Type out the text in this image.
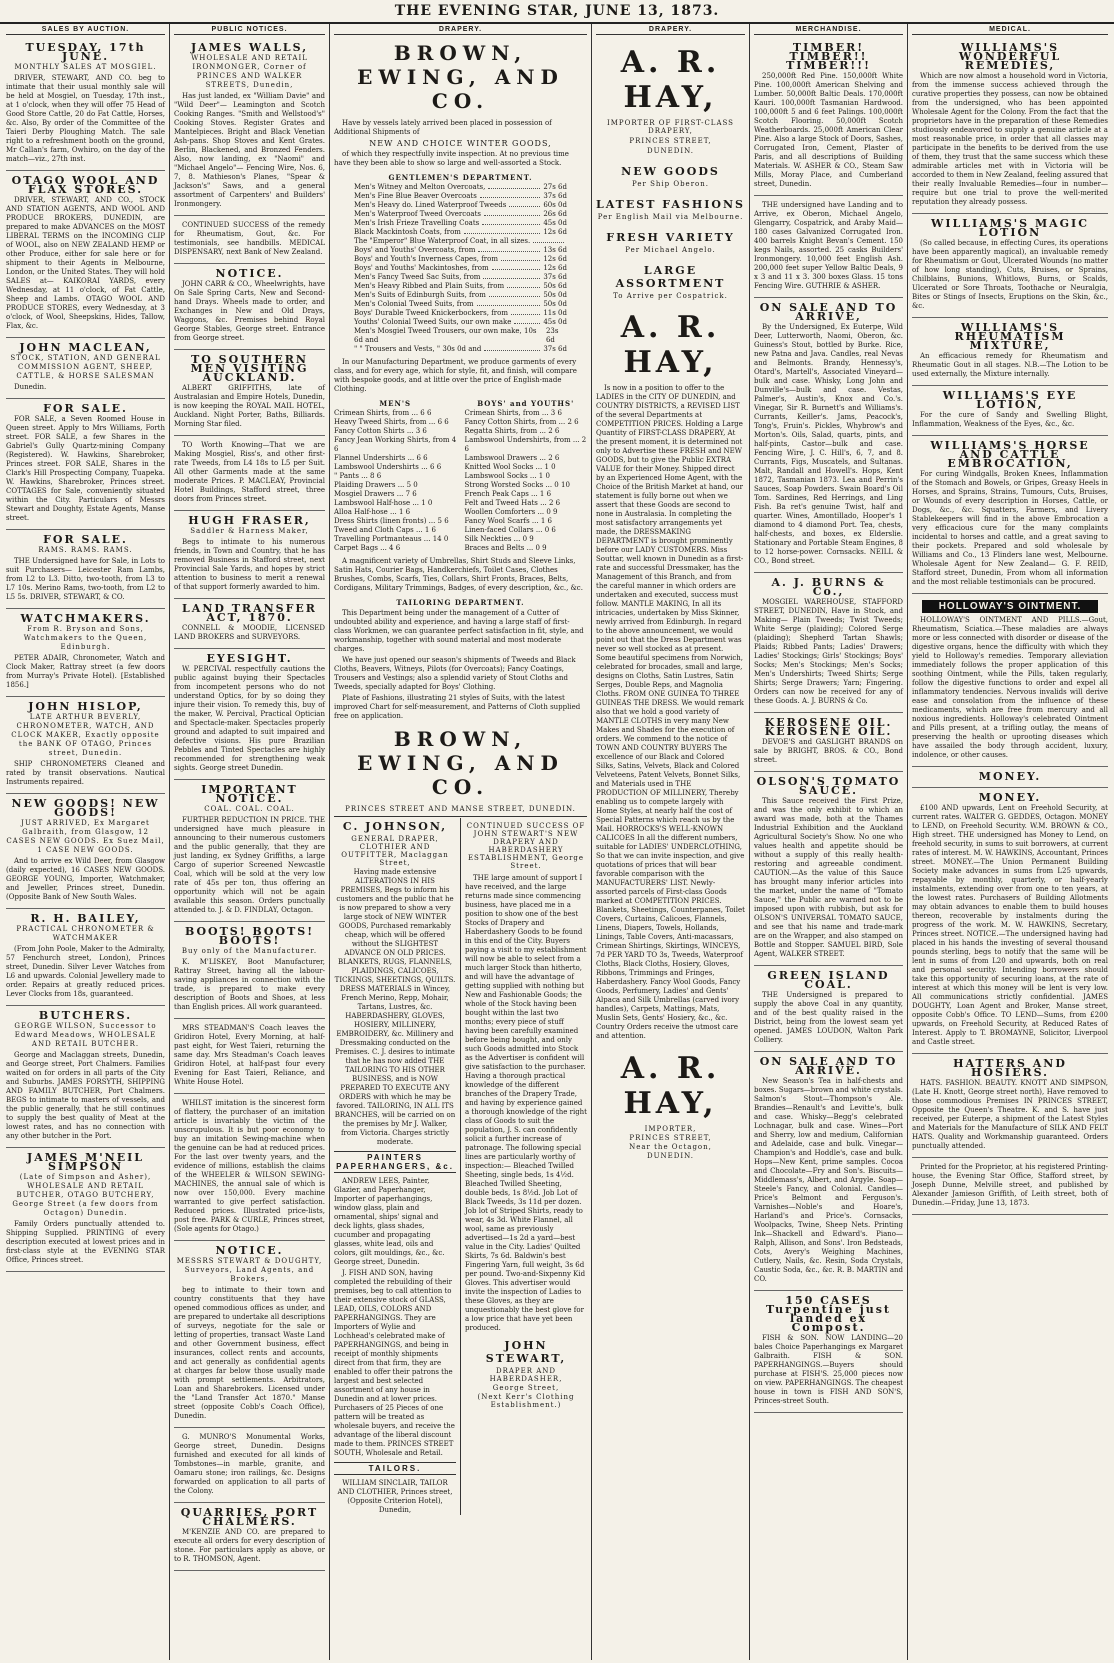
THE EVENING STAR, JUNE 13, 1873.
SALES BY AUCTION.
TUESDAY, 17th JUNE.
MONTHLY SALES AT MOSGIEL.
DRIVER, STEWART, AND CO. beg to intimate that their usual monthly sale will be held at Mosgiel, on Tuesday, 17th inst., at 1 o'clock, when they will offer 75 Head of Good Store Cattle, 20 do Fat Cattle, Horses, &c. Also, By order of the Committee of the Taieri Derby Ploughing Match. The sale right to a refreshment booth on the ground, Mr Callan's farm, Owhiro, on the day of the match—viz., 27th inst.
OTAGO WOOL AND FLAX STORES.
DRIVER, STEWART, AND CO., STOCK AND STATION AGENTS, AND WOOL AND PRODUCE BROKERS, DUNEDIN, are prepared to make ADVANCES on the MOST LIBERAL TERMS on the INCOMING CLIP of WOOL, also on NEW ZEALAND HEMP or other Produce, either for sale here or for shipment to their Agents in Melbourne, London, or the United States. They will hold SALES at— KAIKORAI YARDS, every Wednesday, at 11 o'clock, of Fat Cattle, Sheep and Lambs. OTAGO WOOL AND PRODUCE STORES, every Wednesday, at 3 o'clock, of Wool, Sheepskins, Hides, Tallow, Flax, &c.
JOHN MACLEAN,
STOCK, STATION, AND GENERAL COMMISSION AGENT, SHEEP, CATTLE, & HORSE SALESMAN
Dunedin.
FOR SALE.
FOR SALE, a Seven Roomed House in Queen street. Apply to Mrs Williams, Forth street. FOR SALE, a few Shares in the Gabriel's Gully Quartz-mining Company (Registered). W. Hawkins, Sharebroker, Princes street. FOR SALE, Shares in the Clark's Hill Prospecting Company, Tuapeka. W. Hawkins, Sharebroker, Princes street. COTTAGES for Sale, conveniently situated within the City. Particulars of Messrs Stewart and Doughty, Estate Agents, Manse street.
FOR SALE.
RAMS. RAMS. RAMS.
THE Undersigned have for Sale, in Lots to suit Purchasers— Leicester Ram Lambs, from L2 to L3. Ditto, two-tooth, from L3 to L7 10s. Merino Rams, two-tooth, from L2 to L5 5s. DRIVER, STEWART, & CO.
WATCHMAKERS.
From R. Bryson and Sons, Watchmakers to the Queen, Edinburgh.
PETER ADAIR, Chronometer, Watch and Clock Maker, Rattray street (a few doors from Murray's Private Hotel). [Established 1856.]
JOHN HISLOP,
LATE ARTHUR BEVERLY, CHRONOMETER, WATCH, AND CLOCK MAKER, Exactly opposite the BANK OF OTAGO, Princes street, Dunedin.
SHIP CHRONOMETERS Cleaned and rated by transit observations. Nautical Instruments repaired.
NEW GOODS! NEW GOODS!
JUST ARRIVED, Ex Margaret Galbraith, from Glasgow, 12 CASES NEW GOODS. Ex Suez Mail, 1 CASE NEW GOODS.
And to arrive ex Wild Deer, from Glasgow (daily expected), 16 CASES NEW GOODS. GEORGE YOUNG, Importer, Watchmaker, and Jeweller, Princes street, Dunedin. (Opposite Bank of New South Wales.
R. H. BAILEY,
PRACTICAL CHRONOMETER & WATCHMAKER
(From John Poole, Maker to the Admiralty, 57 Fenchurch street, London), Princes street, Dunedin. Silver Lever Watches from L6 and upwards. Colonial Jewellery made to order. Repairs at greatly reduced prices. Lever Clocks from 18s, guaranteed.
BUTCHERS.
GEORGE WILSON, Successor to Edward Meadows, WHOLESALE AND RETAIL BUTCHER.
George and Maclaggan streets, Dunedin, and George street, Port Chalmers. Families waited on for orders in all parts of the City and Suburbs. JAMES FORSYTH, SHIPPING AND FAMILY BUTCHER, Port Chalmers. BEGS to intimate to masters of vessels, and the public generally, that he still continues to supply the best quality of Meat at the lowest rates, and has no connection with any other butcher in the Port.
JAMES M'NEIL SIMPSON
(Late of Simpson and Asher), WHOLESALE AND RETAIL BUTCHER, OTAGO BUTCHERY, George Street (a few doors from Octagon) Dunedin.
Family Orders punctually attended to. Shipping Supplied. PRINTING of every description executed at lowest prices and in first-class style at the EVENING STAR Office, Princes street.
PUBLIC NOTICES.
JAMES WALLS,
WHOLESALE AND RETAIL IRONMONGER, Corner of PRINCES AND WALKER STREETS, Dunedin,
Has just landed, ex "William Davie" and "Wild Deer"— Leamington and Scotch Cooking Ranges. "Smith and Wellstood's" Cooking Stoves. Register Grates and Mantelpieces. Bright and Black Venetian Ash-pans. Shop Stoves and Kent Grates. Berlin, Blackened, and Bronzed Fenders. Also, now landing, ex "Naomi" and "Michael Angelo"— Fencing Wire, Nos. 6, 7, 8. Mathieson's Planes, "Spear & Jackson's" Saws, and a general assortment of Carpenters' and Builders' Ironmongery.
CONTINUED SUCCESS of the remedy for Rheumatism, Gout, &c. For testimonials, see handbills. MEDICAL DISPENSARY, next Bank of New Zealand.
NOTICE.
JOHN CARR & CO., Wheelwrights, have On Sale Spring Carts, New and Second-hand Drays. Wheels made to order, and Exchanges in New and Old Drays, Waggons, &c. Premises behind Royal George Stables, George street. Entrance from George street.
TO SOUTHERN MEN VISITING AUCKLAND.
ALBERT GRIFFITHS, late of Australasian and Empire Hotels, Dunedin, is now keeping the ROYAL MAIL HOTEL, Auckland. Night Porter, Baths, Billiards. Morning Star filed.
TO Worth Knowing—That we are Making Mosgiel, Riss's, and other first-rate Tweeds, from L4 18s to L5 per Suit. All other Garments made at the same moderate Prices. P. MACLEAY, Provincial Hotel Buildings, Stafford street, three doors from Princes street.
HUGH FRASER,
Saddler & Harness Maker,
Begs to intimate to his numerous friends, in Town and Country, that he has removed Business in Stafford street, next Provincial Sale Yards, and hopes by strict attention to business to merit a renewal of that support formerly awarded to him.
LAND TRANSFER ACT, 1870.
CONNELL & MOODIE, LICENSED LAND BROKERS and SURVEYORS.
EYESIGHT.
W. PERCIVAL respectfully cautions the public against buying their Spectacles from incompetent persons who do not understand Optics, for by so doing they injure their vision. To remedy this, buy of the maker, W. Percival, Practical Optician and Spectacle-maker. Spectacles properly ground and adapted to suit impaired and defective visions. His pure Brazilian Pebbles and Tinted Spectacles are highly recommended for strengthening weak sights. George street Dunedin.
IMPORTANT NOTICE.
COAL. COAL. COAL.
FURTHER REDUCTION IN PRICE. THE undersigned have much pleasure in announcing to their numerous customers and the public generally, that they are just landing, ex Sydney Griffiths, a large Cargo of superior Screened Newcastle Coal, which will be sold at the very low rate of 45s per ton, thus offering an opportunity which will not be again available this season. Orders punctually attended to. J. & D. FINDLAY, Octagon.
BOOTS! BOOTS! BOOTS!
Buy only of the Manufacturer.
K. M'LISKEY, Boot Manufacturer, Rattray Street, having all the labour-saving appliances in connection with the trade, is prepared to make every description of Boots and Shoes, at less than English prices. All work guaranteed.
MRS STEADMAN'S Coach leaves the Gridiron Hotel, Every Morning, at half-past eight, for West Taieri, returning the same day. Mrs Steadman's Coach leaves Gridiron Hotel, at half-past four every Evening for East Taieri, Reliance, and White House Hotel.
WHILST imitation is the sincerest form of flattery, the purchaser of an imitation article is invariably the victim of the unscrupulous. It is but poor economy to buy an imitation Sewing-machine when the genuine can be had at reduced prices. For the last over twenty years, and the evidence of millions, establish the claims of the WHEELER & WILSON SEWING-MACHINES, the annual sale of which is now over 150,000. Every machine warranted to give perfect satisfaction. Reduced prices. Illustrated price-lists, post free. PARK & CURLE, Princes street, (Sole agents for Otago.)
NOTICE.
MESSRS STEWART & DOUGHTY, Surveyors, Land Agents, and Brokers,
beg to intimate to their town and country constituents that they have opened commodious offices as under, and are prepared to undertake all descriptions of surveys, negotiate for the sale or letting of properties, transact Waste Land and other Government business, effect insurances, collect rents and accounts, and act generally as confidential agents at charges far below those usually made with prompt settlements. Arbitrators, Loan and Sharebrokers. Licensed under the "Land Transfer Act 1870." Manse street (opposite Cobb's Coach Office), Dunedin.
G. MUNRO'S Monumental Works, George street, Dunedin. Designs furnished and executed for all kinds of Tombstones—in marble, granite, and Oamaru stone; iron railings, &c. Designs forwarded on application to all parts of the Colony.
QUARRIES, PORT CHALMERS.
M'KENZIE AND CO. are prepared to execute all orders for every description of stone. For particulars apply as above, or to R. THOMSON, Agent.
DRAPERY.
BROWN, EWING, AND CO.
Have by vessels lately arrived been placed in possession of Additional Shipments of
NEW AND CHOICE WINTER GOODS,
of which they respectfully invite inspection. At no previous time have they been able to show so large and well-assorted a Stock.
GENTLEMEN'S DEPARTMENT.
Men's Witney and Melton Overcoats,	27s 6d
Men's Fine Blue Beaver Overcoats	37s 6d
Men's Heavy do. Lined Waterproof Tweeds	60s 0d
Men's Waterproof Tweed Overcoats	26s 6d
Men's Irish Frieze Travelling Coats	45s 0d
Black Mackintosh Coats, from	12s 6d
The "Emperor" Blue Waterproof Coat, in all sizes.
Boys' and Youths' Overcoats, from	13s 6d
Boys' and Youth's Inverness Capes, from	12s 6d
Boys' and Youths' Mackintoshes, from	12s 6d
Men's Fancy Tweed Sac Suits, from	37s 6d
Men's Heavy Ribbed and Plain Suits, from	50s 6d
Men's Suits of Edinburgh Suits, from	50s 0d
Men's Colonial Tweed Suits, from	50s 0d
Boys' Durable Tweed Knickerbockers, from	11s 0d
Youths' Colonial Tweed Suits, our own make	45s 0d
Men's Mosgiel Tweed Trousers, our own make, 10s 6d and
23s 6d
" " Trousers and Vests, " 30s 0d and	37s 6d
In our Manufacturing Department, we produce garments of every class, and for every age, which for style, fit, and finish, will compare with bespoke goods, and at little over the price of English-made Clothing.
MEN'S
Crimean Shirts, from ... 6 6
Heavy Tweed Shirts, from ... 6 6
Fancy Cotton Shirts ... 3 6
Fancy Jean Working Shirts, from 4 6
Flannel Undershirts ... 6 6
Lambswool Undershirts ... 6 6
" Pants ... 8 6
Plaiding Drawers ... 5 0
Mosgiel Drawers ... 7 6
Lambswool Half-hose ... 1 0
Alloa Half-hose ... 1 6
Dress Shirts (linen fronts) ... 5 6
Tweed and Cloth Caps ... 1 6
Travelling Portmanteaus ... 14 0
Carpet Bags ... 4 6
BOYS' and YOUTHS'
Crimean Shirts, from ... 3 6
Fancy Cotton Shirts, from ... 2 6
Regatta Shirts, from ... 2 6
Lambswool Undershirts, from ... 2 6
Lambswool Drawers ... 2 6
Knitted Wool Socks ... 1 0
Lambswool Socks ... 1 0
Strong Worsted Socks ... 0 10
French Peak Caps ... 1 6
Felt and Tweed Hats ... 2 6
Woollen Comforters ... 0 9
Fancy Wool Scarfs ... 1 6
Linen-faced Collars ... 0 6
Silk Neckties ... 0 9
Braces and Belts ... 0 9
A magnificent variety of Umbrellas, Shirt Studs and Sleeve Links, Satin Hats, Courier Bags, Handkerchiefs, Toilet Cases, Clothes Brushes, Combs, Scarfs, Ties, Collars, Shirt Fronts, Braces, Belts, Cordigans, Military Trimmings, Badges, of every description, &c., &c.
TAILORING DEPARTMENT.
This Department being under the management of a Cutter of undoubted ability and experience, and having a large staff of first-class Workmen, we can guarantee perfect satisfaction in fit, style, and workmanship, together with sound material and most moderate charges.
We have just opened our season's shipments of Tweeds and Black Cloths, Beavers, Witneys, Pilots (for Overcoats); Fancy Coatings, Trousers and Vestings; also a splendid variety of Stout Cloths and Tweeds, specially adapted for Boys' Clothing.
Plate of Fashions, illustrating 21 styles of Suits, with the latest improved Chart for self-measurement, and Patterns of Cloth supplied free on application.
BROWN, EWING, AND CO.
PRINCES STREET AND MANSE STREET, DUNEDIN.
C. JOHNSON,
GENERAL DRAPER, CLOTHIER AND OUTFITTER, Maclaggan Street,
Having made extensive ALTERATIONS IN HIS PREMISES, Begs to inform his customers and the public that he is now prepared to show a very large stock of NEW WINTER GOODS, Purchased remarkably cheap, which will be offered without the SLIGHTEST ADVANCE ON OLD PRICES. BLANKETS, RUGS, FLANNELS, PLAIDINGS, CALICOES, TICKINGS, SHEETINGS, QUILTS. DRESS MATERIALS in Wincey, French Merino, Repp, Mohair, Tartans, Lustres, &c. HABERDASHERY, GLOVES, HOSIERY, MILLINERY, EMBROIDERY, &c. Millinery and Dressmaking conducted on the Premises. C. J. desires to intimate that he has now added THE TAILORING TO HIS OTHER BUSINESS, and is NOW PREPARED TO EXECUTE ANY ORDERS with which he may be favored. TAILORING, IN ALL ITS BRANCHES, will be carried on on the premises by Mr J. Walker, from Victoria. Charges strictly moderate.
PAINTERS PAPERHANGERS, &c.
ANDREW LEES, Painter, Glazier, and Paperhanger, Importer of paperhangings, window glass, plain and ornamental, ships' signal and deck lights, glass shades, cucumber and propagating glasses, white lead, oils and colors, gilt mouldings, &c., &c. George street, Dunedin.
J. FISH AND SON, having completed the rebuilding of their premises, beg to call attention to their extensive stock of GLASS, LEAD, OILS, COLORS AND PAPERHANGINGS. They are Importers of Wylie and Lochhead's celebrated make of PAPERHANGINGS, and being in receipt of monthly shipments direct from that firm, they are enabled to offer their patrons the largest and best selected assortment of any house in Dunedin and at lower prices. Purchasers of 25 Pieces of one pattern will be treated as wholesale buyers, and receive the advantage of the liberal discount made to them. PRINCES STREET SOUTH, Wholesale and Retail.
TAILORS.
WILLIAM SINCLAIR, TAILOR AND CLOTHIER, Princes street, (Opposite Criterion Hotel), Dunedin,
CONTINUED SUCCESS OF JOHN STEWART'S NEW DRAPERY AND HABERDASHERY ESTABLISHMENT, George Street.
THE large amount of support I have received, and the large returns made since commencing business, have placed me in a position to show one of the best Stocks of Drapery and Haberdashery Goods to be found in this end of the City. Buyers paying a visit to my establishment will now be able to select from a much larger Stock than hitherto, and will have the advantage of getting supplied with nothing but New and Fashionable Goods; the whole of the Stock having been bought within the last two months; every piece of stuff having been carefully examined before being bought, and only such Goods admitted into Stock as the Advertiser is confident will give satisfaction to the purchaser. Having a thorough practical knowledge of the different branches of the Drapery Trade, and having by experience gained a thorough knowledge of the right class of Goods to suit the population, J. S. can confidently solicit a further increase of patronage. The following special lines are particularly worthy of inspection:— Bleached Twilled Sheeting, single beds, 1s 4½d. Bleached Twilled Sheeting, double beds, 1s 8½d. Job Lot of Black Tweeds, 3s 11d per dozen. Job lot of Striped Shirts, ready to wear, 4s 3d. White Flannel, all wool, same as previously advertised—1s 2d a yard—best value in the City. Ladies' Quilted Skirts, 7s 6d. Baldwin's best Fingering Yarn, full weight, 3s 6d per pound. Two-and-Sixpenny Kid Gloves. This advertiser would invite the inspection of Ladies to these Gloves, as they are unquestionably the best glove for a low price that have yet been produced.
JOHN STEWART,
DRAPER AND HABERDASHER,
George Street,
(Next Kerr's Clothing Establishment.)
DRAPERY.
A. R. HAY,
IMPORTER OF FIRST-CLASS DRAPERY,
PRINCES STREET,
DUNEDIN.
NEW GOODS
Per Ship Oberon.
LATEST FASHIONS
Per English Mail via Melbourne.
FRESH VARIETY
Per Michael Angelo.
LARGE ASSORTMENT
To Arrive per Cospatrick.
A. R. HAY,
Is now in a position to offer to the LADIES in the CITY OF DUNEDIN, and COUNTRY DISTRICTS, a REVISED LIST of the several Departments at COMPETITION PRICES. Holding a Large Quantity of FIRST-CLASS DRAPERY, At the present moment, it is determined not only to Advertise these FRESH and NEW GOODS, but to give the Public EXTRA VALUE for their Money. Shipped direct by an Experienced Home Agent, with the Choice of the British Market at hand, our statement is fully borne out when we assert that these Goods are second to none in Australasia. In completing the most satisfactory arrangements yet made, the DRESSMAKING DEPARTMENT is brought prominently before our LADY CUSTOMERS. Miss Souttar, well known in Dunedin as a first-rate and successful Dressmaker, has the Management of this Branch, and from the careful manner in which orders are undertaken and executed, success must follow. MANTLE MAKING, In all its intricacies, undertaken by Miss Skinner, newly arrived from Edinburgh. In regard to the above announcement, we would point out that the Dress Department was never so well stocked as at present. Some beautiful specimens from Norwich, celebrated for brocades, small and large, designs on Cloths, Satin Lustres, Satin Serges, Double Reps, and Magnolia Cloths. FROM ONE GUINEA TO THREE GUINEAS THE DRESS. We would remark also that we hold a good variety of MANTLE CLOTHS in very many New Makes and Shades for the execution of orders. We commend to the notice of TOWN AND COUNTRY BUYERS The excellence of our Black and Colored Silks, Satins, Velvets, Black and Colored Velveteens, Patent Velvets, Bonnet Silks, and Materials used in THE PRODUCTION OF MILLINERY, Thereby enabling us to compete largely with Home Styles, at nearly half the cost of Special Patterns which reach us by the Mail. HORROCKS'S WELL-KNOWN CALICOES In all the different numbers, suitable for LADIES' UNDERCLOTHING, So that we can invite inspection, and give quotations of prices that will bear favorable comparison with the MANUFACTURERS' LIST. Newly-assorted parcels of First-class Goods marked at COMPETITION PRICES. Blankets, Sheetings, Counterpanes, Toilet Covers, Curtains, Calicoes, Flannels, Linens, Diapers, Towels, Hollands, Linings, Table Covers, Anti-macassars, Crimean Shirtings, Skirtings, WINCEYS, 7d PER YARD TO 3s, Tweeds, Waterproof Cloths, Black Cloths, Hosiery, Gloves, Ribbons, Trimmings and Fringes, Haberdashery. Fancy Wool Goods, Fancy Goods, Perfumery, Ladies' and Gents' Alpaca and Silk Umbrellas (carved ivory handles), Carpets, Mattings, Mats, Muslin Sets, Gents' Hosiery, &c., &c. Country Orders receive the utmost care and attention.
A. R. HAY,
IMPORTER,
PRINCES STREET,
Near the Octagon,
DUNEDIN.
MERCHANDISE.
TIMBER! TIMBER!! TIMBER!!!
250,000ft Red Pine. 150,000ft White Pine. 100,000ft American Shelving and Lumber. 50,000ft Baltic Deals. 170,000ft Kauri. 100,000ft Tasmanian Hardwood. 100,000ft 5 and 6 feet Palings. 100,000ft Scotch Flooring. 50,000ft Scotch Weatherboards. 25,000ft American Clear Pine. Also a large Stock of Doors, Sashes, Corrugated Iron, Cement, Plaster of Paris, and all descriptions of Building Materials. W. ASHER & CO., Steam Saw Mills, Moray Place, and Cumberland street, Dunedin.
THE undersigned have Landing and to Arrive, ex Oberon, Michael Angelo, Glengarry, Cospatrick, and Araby Maid— 180 cases Galvanized Corrugated Iron. 400 barrels Knight Bevan's Cement. 150 kegs Nails, assorted. 25 casks Builders' Ironmongery. 10,000 feet English Ash. 200,000 feet super Yellow Baltic Deals, 9 x 3 and 11 x 3. 300 boxes Glass. 15 tons Fencing Wire. GUTHRIE & ASHER.
ON SALE AND TO ARRIVE,
By the Undersigned, Ex Euterpe, Wild Deer, Lutterworth, Naomi, Oberon, &c. Guiness's Stout, bottled by Burke. Rice, new Patna and Java. Candles, real Nevas and Belmonts. Brandy, Hennessy's, Otard's, Martell's, Associated Vineyard—bulk and case. Whisky, Long John and Dunville's—bulk and case. Vestas, Palmer's, Austin's, Knox and Co.'s. Vinegar, Sir R. Burnett's and Williams's. Currants, Keiller's. Jams, Peacock's, Tong's, Fruin's. Pickles, Whybrow's and Morton's. Oils, Salad, quarts, pints, and half-pints, Castor—bulk and case. Fencing Wire, J. C. Hill's, 6, 7, and 8. Currants, Figs, Muscatels, and Sultanas. Malt, Randall and Howell's. Hops, Kent 1872, Tasmanian 1873. Lea and Perrin's Sauces, Soap Powders. Swain Board's Oil Tom. Sardines, Red Herrings, and Ling Fish. Ba ret's genuine Twist, half and quarter. Wines, Amontillado, Hooper's 1 diamond to 4 diamond Port. Tea, chests, half-chests, and boxes, ex Elderslie. Stationary and Portable Steam Engines, 8 to 12 horse-power. Cornsacks. NEILL & CO., Bond street.
A. J. BURNS & Co.,
MOSGIEL WAREHOUSE, STAFFORD STREET, DUNEDIN, Have in Stock, and Making— Plain Tweeds; Twist Tweeds; White Serge (plaiding); Colored Serge (plaiding); Shepherd Tartan Shawls; Plaids; Ribbed Pants; Ladies' Drawers; Ladies' Stockings; Girls' Stockings; Boys' Socks; Men's Stockings; Men's Socks; Men's Undershirts; Tweed Shirts; Serge Shirts; Serge Drawers; Yarn; Fingering. Orders can now be received for any of these Goods. A. J. BURNS & Co.
KEROSENE OIL. KEROSENE OIL.
DEVOE'S and GASLIGHT BRANDS on sale by BRIGHT, BROS. & CO., Bond street.
OLSON'S TOMATO SAUCE.
This Sauce received the First Prize, and was the only exhibit to which an award was made, both at the Thames Industrial Exhibition and the Auckland Agricultural Society's Show. No one who values health and appetite should be without a supply of this really health-restoring and agreeable condiment. CAUTION.—As the value of this Sauce has brought many inferior articles into the market, under the name of "Tomato Sauce," the Public are warned not to be imposed upon with rubbish, but ask for OLSON'S UNIVERSAL TOMATO SAUCE, and see that his name and trade-mark are on the Wrapper, and also stamped on Bottle and Stopper. SAMUEL BIRD, Sole Agent, WALKER STREET.
GREEN ISLAND COAL.
THE Undersigned is prepared to supply the above Coal in any quantity, and of the best quality raised in the District, being from the lowest seam yet opened. JAMES LOUDON, Walton Park Colliery.
ON SALE AND TO ARRIVE.
New Season's Tea in half-chests and boxes. Sugars—brown and white crystals. Salmon's Stout—Thompson's Ale. Brandies—Renault's and Levitte's, bulk and case. Whisky—Begg's celebrated Lochnagar, bulk and case. Wines—Port and Sherry, low and medium, Californian and Adelaide, case and bulk. Vinegar—Champion's and Hoddle's, case and bulk. Hops—New Kent, prime samples. Cocoa and Chocolate—Fry and Son's. Biscuits—Middlemass's, Albert, and Argyle. Soap—Steele's Fancy, and Colonial. Candles—Price's Belmont and Ferguson's. Varnishes—Noble's and Hoare's, Harland's and Price's. Cornsacks, Woolpacks, Twine, Sheep Nets. Printing Ink—Shackell and Edward's. Piano—Ralph, Allison, and Sons'. Iron Bedsteads, Cots, Avery's Weighing Machines, Cutlery, Nails, &c. Resin, Soda Crystals, Caustic Soda, &c., &c. R. B. MARTIN and CO.
150 CASES Turpentine just landed ex Compost.
FISH & SON. NOW LANDING—20 bales Choice Paperhangings ex Margaret Galbraith. FISH & SON. PAPERHANGINGS.—Buyers should purchase at FISH'S. 25,000 pieces now on view. PAPERHANGINGS. The cheapest house in town is FISH AND SON'S, Princes-street South.
MEDICAL.
WILLIAMS'S WONDERFUL REMEDIES,
Which are now almost a household word in Victoria, from the immense success achieved through the curative properties they possess, can now be obtained from the undersigned, who has been appointed Wholesale Agent for the Colony. From the fact that the proprietors have in the preparation of these Remedies studiously endeavored to supply a genuine article at a most reasonable price, in order that all classes may participate in the benefits to be derived from the use of them, they trust that the same success which these admirable articles met with in Victoria will be accorded to them in New Zealand, feeling assured that their really Invaluable Remedies—four in number—require but one trial to prove the well-merited reputation they already possess.
WILLIAMS'S MAGIC LOTION
(So called because, in effecting Cures, its operations have been apparently magical), an invaluable remedy for Rheumatism or Gout, Ulcerated Wounds (no matter of how long standing), Cuts, Bruises, or Sprains, Chilblains, Bunions, Whitlows, Burns, or Scalds, Ulcerated or Sore Throats, Toothache or Neuralgia, Bites or Stings of Insects, Eruptions on the Skin, &c., &c.
WILLIAMS'S RHEUMATISM MIXTURE,
An efficacious remedy for Rheumatism and Rheumatic Gout in all stages. N.B.—The Lotion to be used externally, the Mixture internally.
WILLIAMS'S EYE LOTION,
For the cure of Sandy and Swelling Blight, Inflammation, Weakness of the Eyes, &c., &c.
WILLIAMS'S HORSE AND CATTLE EMBROCATION,
For curing Windgalls, Broken Knees, Inflammation of the Stomach and Bowels, or Gripes, Greasy Heels in Horses, and Sprains, Strains, Tumours, Cuts, Bruises, or Wounds of every description in Horses, Cattle, or Dogs, &c., &c. Squatters, Farmers, and Livery Stablekeepers will find in the above Embrocation a very efficacious cure for the many complaints incidental to horses and cattle, and a great saving to their pockets. Prepared and sold wholesale by Williams and Co., 13 Flinders lane west, Melbourne. Wholesale Agent for New Zealand— G. F. REID, Stafford street, Dunedin, From whom all information and the most reliable testimonials can be procured.
HOLLOWAY'S OINTMENT.
HOLLOWAY'S OINTMENT AND PILLS.—Gout, Rheumatism, Sciatica.—These maladies are always more or less connected with disorder or disease of the digestive organs, hence the difficulty with which they yield to Holloway's remedies. Temporary alleviation immediately follows the proper application of this soothing Ointment, while the Pills, taken regularly, follow the digestive functions to order and expel all inflammatory tendencies. Nervous invalids will derive ease and consolation from the influence of these medicaments, which are free from mercury and all noxious ingredients. Holloway's celebrated Ointment and Pills present, at a trifling outlay, the means of preserving the health or uprooting diseases which have assailed the body through accident, luxury, indolence, or other causes.
MONEY.
MONEY.
£100 AND upwards, Lent on Freehold Security, at current rates. WALTER G. GEDDES, Octagon. MONEY to LEND, on Freehold Security. W.M. BROWN & CO., High street. THE undersigned has Money to Lend, on freehold security, in sums to suit borrowers, at current rates of interest. M. W. HAWKINS, Accountant, Princes street. MONEY.—The Union Permanent Building Society make advances in sums from L25 upwards, repayable by monthly, quarterly, or half-yearly instalments, extending over from one to ten years, at the lowest rates. Purchasers of Building Allotments may obtain advances to enable them to build houses thereon, recoverable by instalments during the progress of the work. M. W. HAWKINS, Secretary, Princes street. NOTICE.—The undersigned having had placed in his hands the investing of several thousand pounds sterling, begs to notify that the same will be lent in sums of from L20 and upwards, both on real and personal security. Intending borrowers should take this opportunity of securing loans, at the rate of interest at which this money will be lent is very low. All communications strictly confidential. JAMES DOUGHTY, Loan Agent and Broker, Manse street, opposite Cobb's Office. TO LEND—Sums, from £200 upwards, on Freehold Security, at Reduced Rates of Interest. Apply to T. BROMAYNE, Solicitor, Liverpool and Castle street.
HATTERS AND HOSIERS.
HATS. FASHION. BEAUTY. KNOTT AND SIMPSON, (Late H. Knott, George street north), Have removed to those commodious Premises IN PRINCES STREET, Opposite the Queen's Theatre. K. and S. have just received, per Euterpe, a shipment of the Latest Styles and Materials for the Manufacture of SILK AND FELT HATS. Quality and Workmanship guaranteed. Orders punctually attended.
Printed for the Proprietor, at his registered Printing-house, the Evening Star Office, Stafford street, by Joseph Dunne, Melville street, and published by Alexander Jamieson Griffith, of Leith street, both of Dunedin.—Friday, June 13, 1873.
